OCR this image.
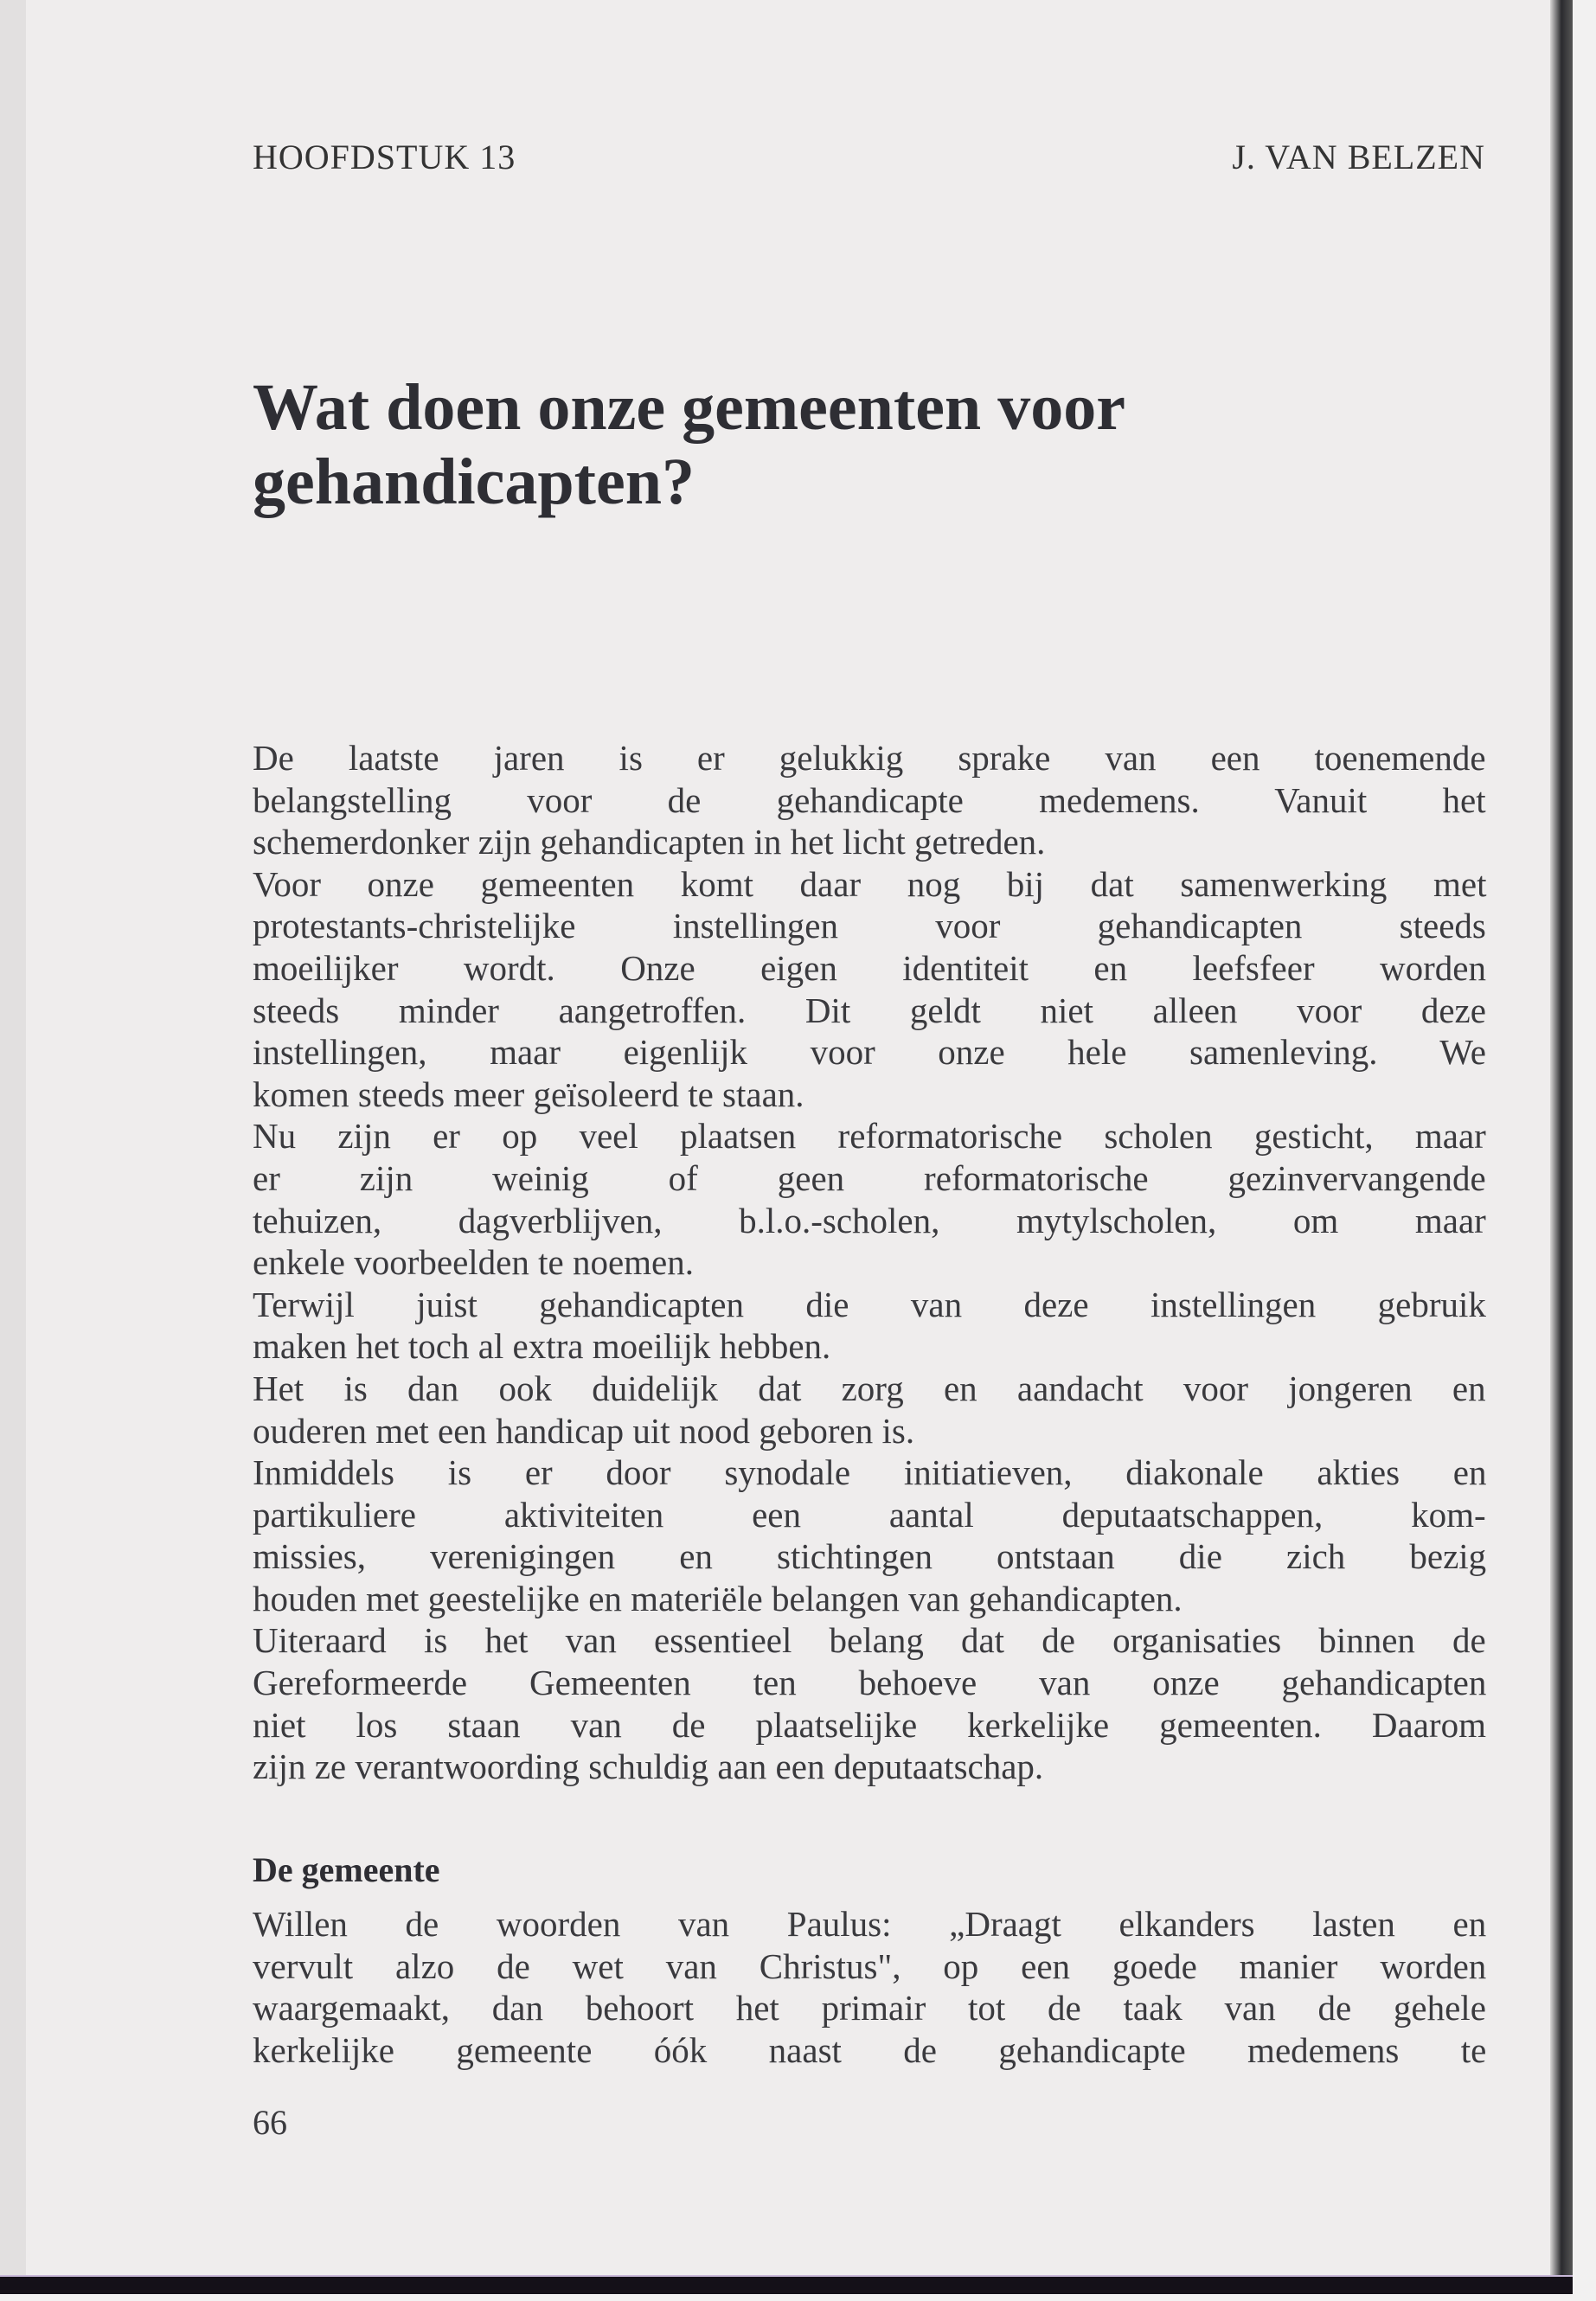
HOOFDSTUK 13	J. VAN BELZEN
Wat doen onze gemeenten voor
gehandicapten?
De laatste jaren is er gelukkig sprake van een toenemende
belangstelling voor de gehandicapte medemens. Vanuit het
schemerdonker zijn gehandicapten in het licht getreden.
Voor onze gemeenten komt daar nog bij dat samenwerking met
protestants-christelijke instellingen voor gehandicapten steeds
moeilijker wordt. Onze eigen identiteit en leefsfeer worden
steeds minder aangetroffen. Dit geldt niet alleen voor deze
instellingen, maar eigenlijk voor onze hele samenleving. We
komen steeds meer geïsoleerd te staan.
Nu zijn er op veel plaatsen reformatorische scholen gesticht, maar
er zijn weinig of geen reformatorische gezinvervangende
tehuizen, dagverblijven, b.l.o.-scholen, mytylscholen, om maar
enkele voorbeelden te noemen.
Terwijl juist gehandicapten die van deze instellingen gebruik
maken het toch al extra moeilijk hebben.
Het is dan ook duidelijk dat zorg en aandacht voor jongeren en
ouderen met een handicap uit nood geboren is.
Inmiddels is er door synodale initiatieven, diakonale akties en
partikuliere aktiviteiten een aantal deputaatschappen, kom-
missies, verenigingen en stichtingen ontstaan die zich bezig
houden met geestelijke en materiële belangen van gehandicapten.
Uiteraard is het van essentieel belang dat de organisaties binnen de
Gereformeerde Gemeenten ten behoeve van onze gehandicapten
niet los staan van de plaatselijke kerkelijke gemeenten. Daarom
zijn ze verantwoording schuldig aan een deputaatschap.
De gemeente
Willen de woorden van Paulus: „Draagt elkanders lasten en
vervult alzo de wet van Christus", op een goede manier worden
waargemaakt, dan behoort het primair tot de taak van de gehele
kerkelijke gemeente óók naast de gehandicapte medemens te
66
